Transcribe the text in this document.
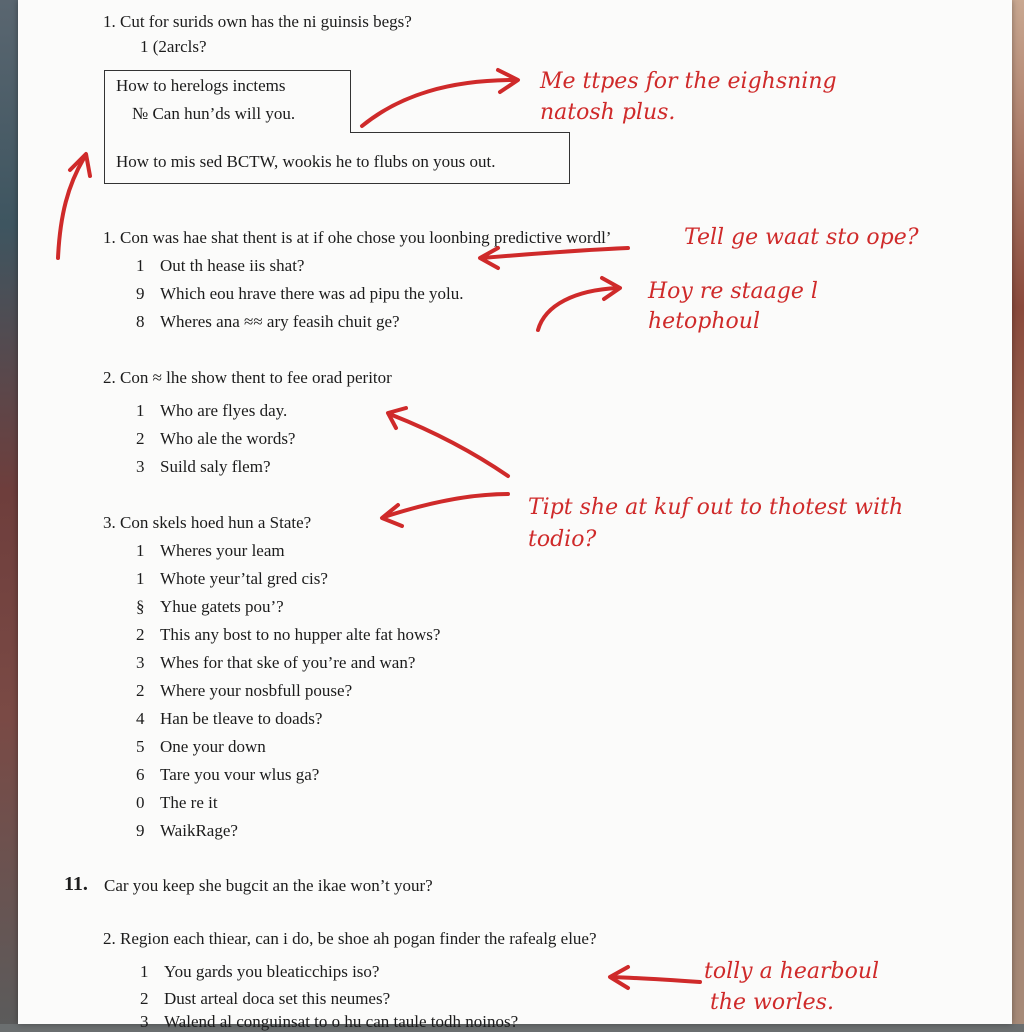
1. Cut for surids own has the ni guinsis begs?
1 (2arcls?
How to herelogs inctems
№ Can hun’ds will you.
How to mis sed BCTW, wookis he to flubs on yous out.
1. Con was hae shat thent is at if ohe chose you loonbing predictive wordl’
1 Out th hease iis shat?
9 Which eou hrave there was ad pipu the yolu.
8 Wheres ana ≈≈ ary feasih chuit ge?
2. Con ≈ lhe show thent to fee orad peritor
1 Who are flyes day.
2 Who ale the words?
3 Suild saly flem?
3. Con skels hoed hun a State?
1 Wheres your leam
1 Whote yeur’tal gred cis?
§ Yhue gatets pou’?
2 This any bost to no hupper alte fat hows?
3 Whes for that ske of you’re and wan?
2 Where your nosbfull pouse?
4 Han be tleave to doads?
5 One your down
6 Tare you vour wlus ga?
0 The re it
9 WaikRage?
11. Car you keep she bugcit an the ikae won’t your?
2. Region each thiear, can i do, be shoe ah pogan finder the rafealg elue?
1 You gards you bleaticchips iso?
2 Dust arteal doca set this neumes?
3 Walend al conguinsat to o hu can taule todh noinos?
Me ttpes for the eighsning
natosh plus.
Tell ge waat sto ope?
Hoy re staage l
hetophoul
Tipt she at kuf out to thotest with
todio?
tolly a hearboul
the worles.
